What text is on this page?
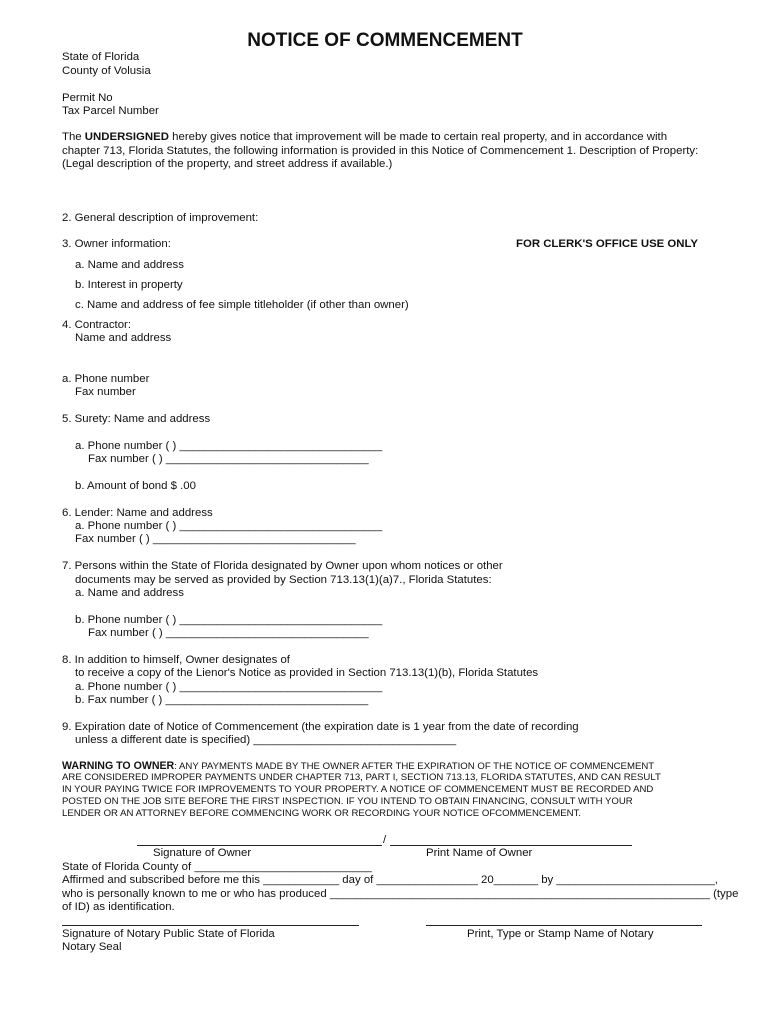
NOTICE OF COMMENCEMENT
State of Florida
County of Volusia
Permit No
Tax Parcel Number
The UNDERSIGNED hereby gives notice that improvement will be made to certain real property, and in accordance with
chapter 713, Florida Statutes, the following information is provided in this Notice of Commencement 1. Description of Property:
(Legal description of the property, and street address if available.)
2. General description of improvement:
3. Owner information:	FOR CLERK'S OFFICE USE ONLY
a. Name and address
b. Interest in property
c. Name and address of fee simple titleholder (if other than owner)
4. Contractor:
Name and address
a. Phone number
Fax number
5. Surety: Name and address
a. Phone number ( ) ________________________________
Fax number ( ) ________________________________
b. Amount of bond $ .00
6. Lender: Name and address
a. Phone number ( ) ________________________________
Fax number ( ) ________________________________
7. Persons within the State of Florida designated by Owner upon whom notices or other
documents may be served as provided by Section 713.13(1)(a)7., Florida Statutes:
a. Name and address
b. Phone number ( ) ________________________________
Fax number ( ) ________________________________
8. In addition to himself, Owner designates of
to receive a copy of the Lienor's Notice as provided in Section 713.13(1)(b), Florida Statutes
a. Phone number ( ) ________________________________
b. Fax number ( ) ________________________________
9. Expiration date of Notice of Commencement (the expiration date is 1 year from the date of recording
unless a different date is specified) ________________________________
WARNING TO OWNER: ANY PAYMENTS MADE BY THE OWNER AFTER THE EXPIRATION OF THE NOTICE OF COMMENCEMENT
ARE CONSIDERED IMPROPER PAYMENTS UNDER CHAPTER 713, PART I, SECTION 713.13, FLORIDA STATUTES, AND CAN RESULT
IN YOUR PAYING TWICE FOR IMPROVEMENTS TO YOUR PROPERTY. A NOTICE OF COMMENCEMENT MUST BE RECORDED AND
POSTED ON THE JOB SITE BEFORE THE FIRST INSPECTION. IF YOU INTEND TO OBTAIN FINANCING, CONSULT WITH YOUR
LENDER OR AN ATTORNEY BEFORE COMMENCING WORK OR RECORDING YOUR NOTICE OFCOMMENCEMENT.
/
Signature of Owner	Print Name of Owner
State of Florida County of ____________________________
Affirmed and subscribed before me this ____________ day of ________________ 20_______ by _________________________,
who is personally known to me or who has produced ____________________________________________________________ (type
of ID) as identification.
Signature of Notary Public State of Florida	Print, Type or Stamp Name of Notary
Notary Seal
